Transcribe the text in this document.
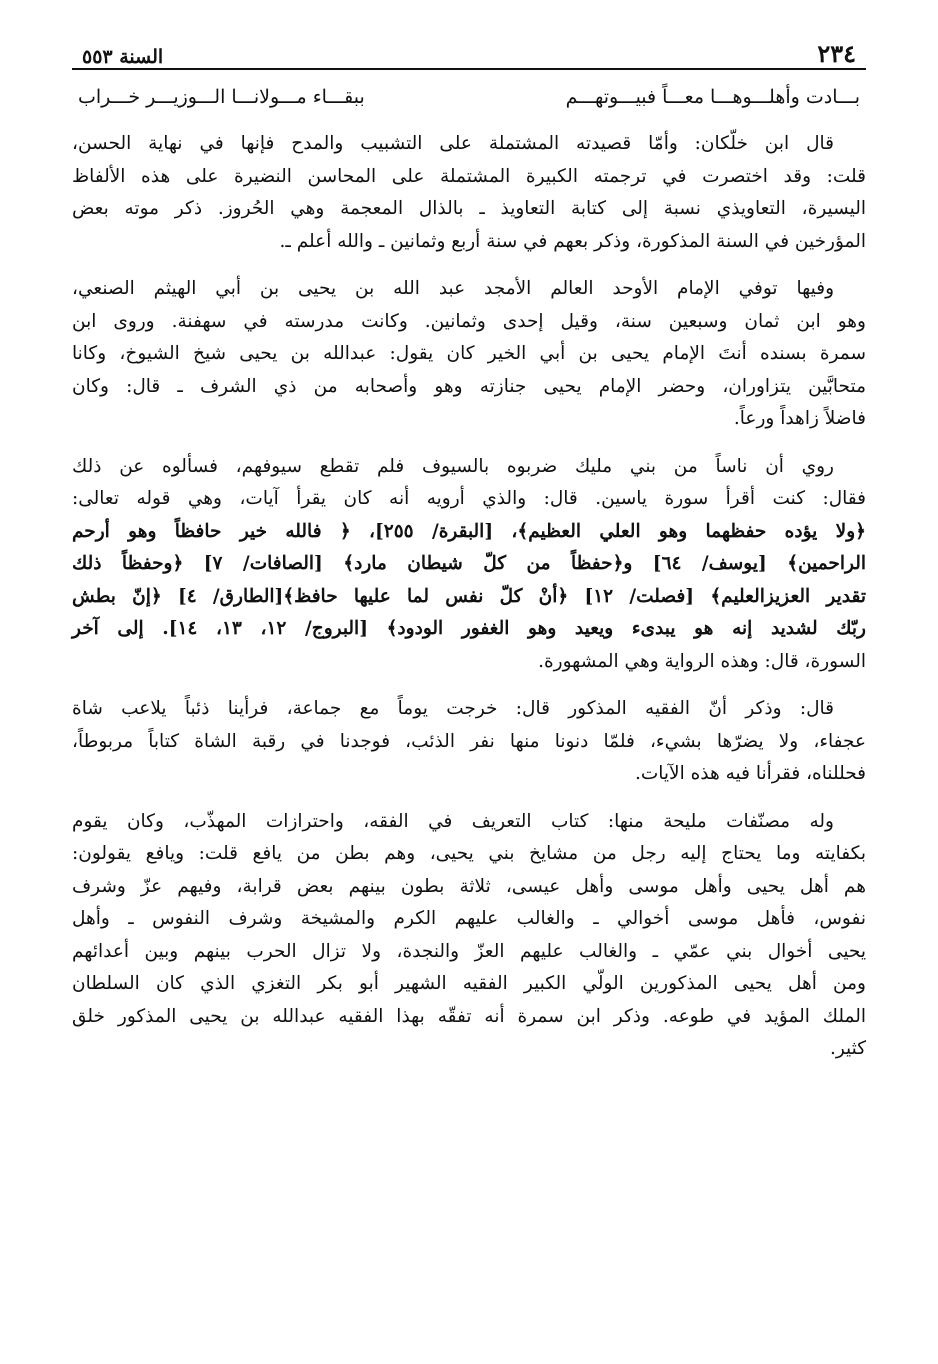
٢٣٤
السنة ٥٥٣
بـــادت وأهلـــوهـــا معـــاً فبيـــوتهـــم
ببقـــاء مـــولانـــا الـــوزيـــر خـــراب
قال ابن خلّكان: وأمّا قصيدته المشتملة على التشبيب والمدح فإنها في نهاية الحسن،
قلت: وقد اختصرت في ترجمته الكبيرة المشتملة على المحاسن النضيرة على هذه الألفاظ
اليسيرة، التعاويذي نسبة إلى كتابة التعاويذ ـ بالذال المعجمة وهي الحُروز. ذكر موته بعض
المؤرخين في السنة المذكورة، وذكر بعهم في سنة أربع وثمانين ـ والله أعلم ـ.
وفيها توفي الإمام الأوحد العالم الأمجد عبد الله بن يحيى بن أبي الهيثم الصنعي،
وهو ابن ثمان وسبعين سنة، وقيل إحدى وثمانين. وكانت مدرسته في سهفنة. وروى ابن
سمرة بسنده أنتَ الإمام يحيى بن أبي الخير كان يقول: عبدالله بن يحيى شيخ الشيوخ، وكانا
متحابَّين يتزاوران، وحضر الإمام يحيى جنازته وهو وأصحابه من ذي الشرف ـ قال: وكان
فاضلاً زاهداً ورعاً.
روي أن ناساً من بني مليك ضربوه بالسيوف فلم تقطع سيوفهم، فسألوه عن ذلك
فقال: كنت أقرأ سورة ياسين. قال: والذي أرويه أنه كان يقرأ آيات، وهي قوله تعالى:
﴿ولا يؤده حفظهما وهو العلي العظيم﴾، [البقرة/ ٢٥٥]، ﴿ فالله خير حافظاً وهو أرحم
الراحمين﴾ [يوسف/ ٦٤] و﴿حفظاً من كلّ شيطان مارد﴾ [الصافات/ ٧] ﴿وحفظاً ذلك
تقدير العزيزالعليم﴾ [فصلت/ ١٢] ﴿أنْ كلّ نفس لما عليها حافظ﴾[الطارق/ ٤] ﴿إنّ بطش
ربّك لشديد إنه هو يبدىء ويعيد وهو الغفور الودود﴾ [البروج/ ١٢، ١٣، ١٤]. إلى آخر
السورة، قال: وهذه الرواية وهي المشهورة.
قال: وذكر أنّ الفقيه المذكور قال: خرجت يوماً مع جماعة، فرأينا ذئباً يلاعب شاة
عجفاء، ولا يضرّها بشيء، فلمّا دنونا منها نفر الذئب، فوجدنا في رقبة الشاة كتاباً مربوطاً،
فحللناه، فقرأنا فيه هذه الآيات.
وله مصنّفات مليحة منها: كتاب التعريف في الفقه، واحترازات المهذّب، وكان يقوم
بكفايته وما يحتاج إليه رجل من مشايخ بني يحيى، وهم بطن من يافع قلت: ويافع يقولون:
هم أهل يحيى وأهل موسى وأهل عيسى، ثلاثة بطون بينهم بعض قرابة، وفيهم عزّ وشرف
نفوس، فأهل موسى أخوالي ـ والغالب عليهم الكرم والمشيخة وشرف النفوس ـ وأهل
يحيى أخوال بني عمّي ـ والغالب عليهم العزّ والنجدة، ولا تزال الحرب بينهم وبين أعدائهم
ومن أهل يحيى المذكورين الولّي الكبير الفقيه الشهير أبو بكر التغزي الذي كان السلطان
الملك المؤيد في طوعه. وذكر ابن سمرة أنه تفقّه بهذا الفقيه عبدالله بن يحيى المذكور خلق
كثير.
